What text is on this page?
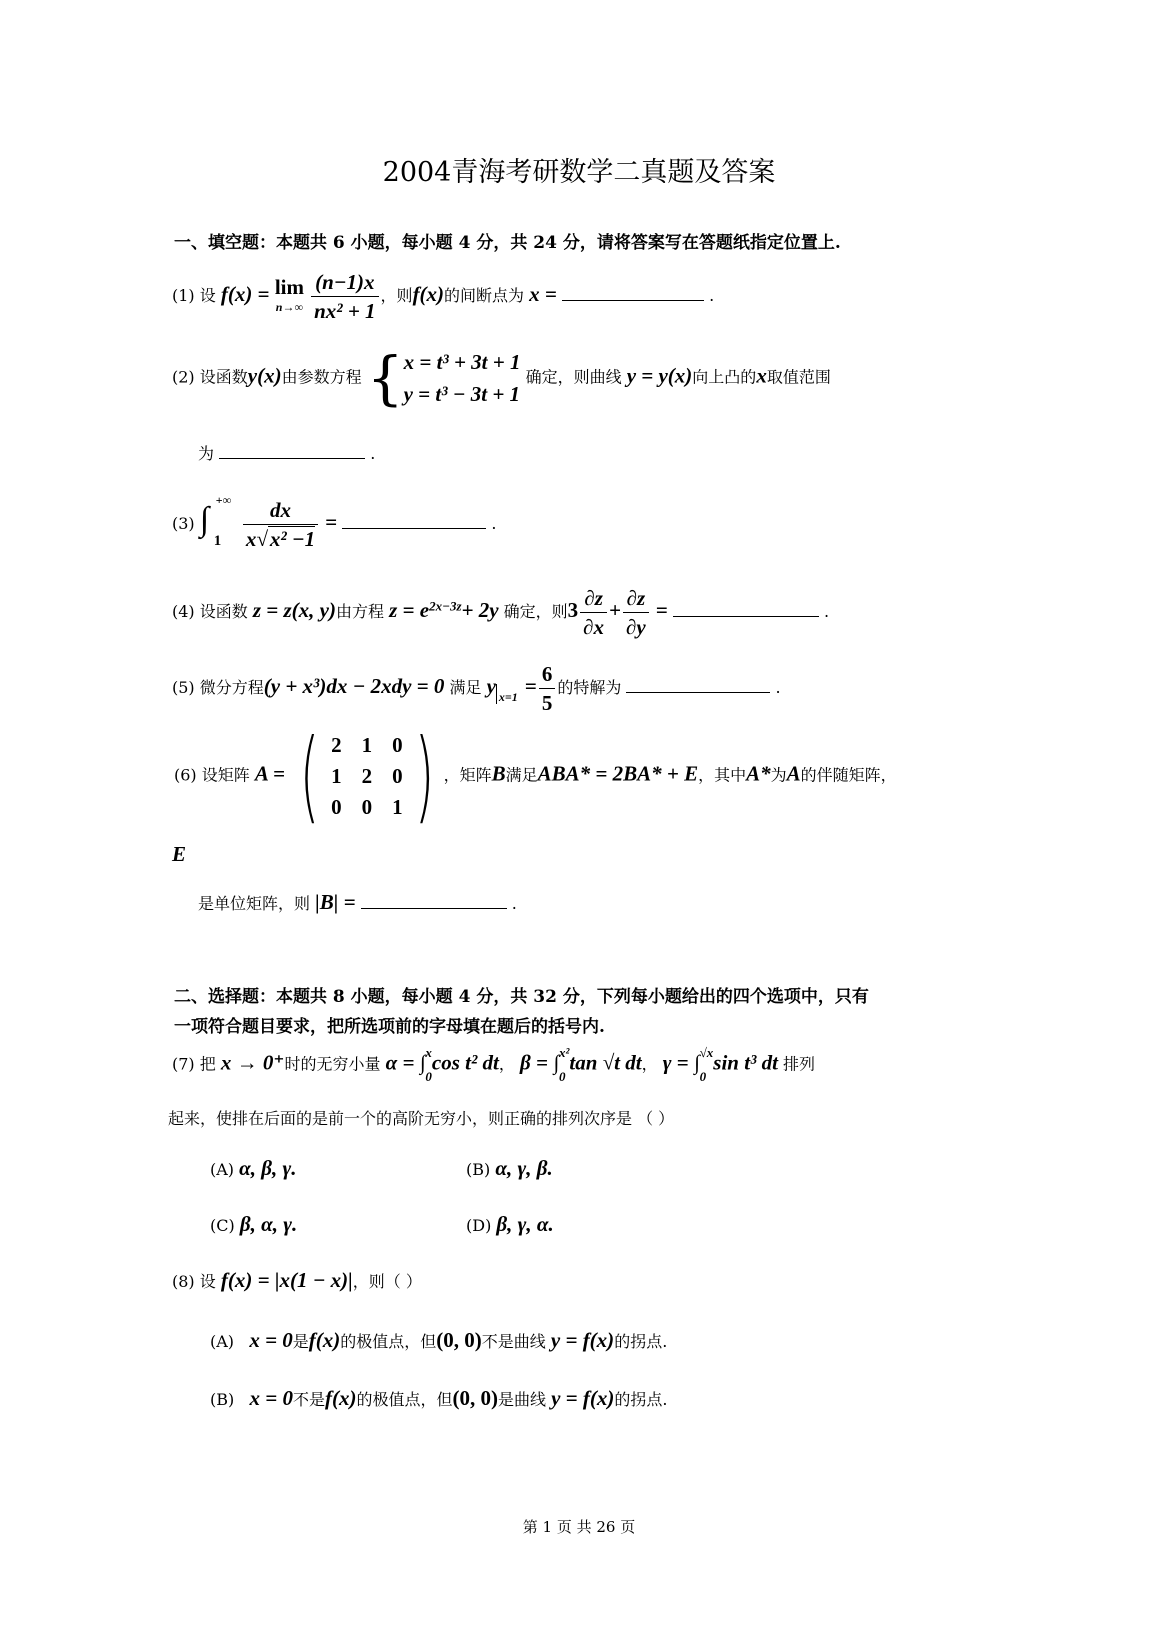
2004青海考研数学二真题及答案
一、填空题：本题共 6 小题，每小题 4 分，共 24 分，请将答案写在答题纸指定位置上.
(1) 设 f(x) = lim
n→∞
$\frac{(n-1)x}{\text{nx² + 1}}$ ，则f(x)的间断点为 x =	.
(2) 设函数y(x)由参数方程 { x = t³ + 3t + 1
y = t³ − 3t + 1
确定，则曲线 y = y(x)向上凸的x取值范围
为	.
(3) ∫
+∞
1
$\frac{dx}{\text{x√x² −1}}$ =	.
(4) 设函数 z = z(x, y)由方程 $z = e^{2x-3z}+ 2y$ 确定，则$3 \frac{\partial z}{\partial x} + \frac{\partial z}{\partial y}$ =	.
(5) 微分方程(y + x³)dx − 2xdy = 0 满足 y $_{x=1} = \frac{6}{5}$ 的特解为	.
(6) 设矩阵 A = ( 2	1	0
1	2	0
0	0	1 ) ，矩阵B满足ABA* = 2BA* + E，其中A*为A的伴随矩阵，
E
是单位矩阵，则 |B| =	.
二、选择题：本题共 8 小题，每小题 4 分，共 32 分，下列每小题给出的四个选项中，只有
一项符合题目要求，把所选项前的字母填在题后的括号内.
(7) 把 x → 0⁺时的无穷小量 α = ∫ x
0
cos t² dt， β = ∫ x²
0
tan √t dt， γ = ∫ √x
0
sin t³ dt 排列
起来，使排在后面的是前一个的高阶无穷小，则正确的排列次序是 （ ）
(A) α, β, γ.	(B) α, γ, β.
(C) β, α, γ.	(D) β, γ, α.
(8) 设 f(x) = |x(1 − x)|，则（ ）
(A) x = 0是f(x)的极值点，但(0, 0)不是曲线 y = f(x)的拐点.
(B) x = 0不是f(x)的极值点，但(0, 0)是曲线 y = f(x)的拐点.
第 1 页 共 26 页
